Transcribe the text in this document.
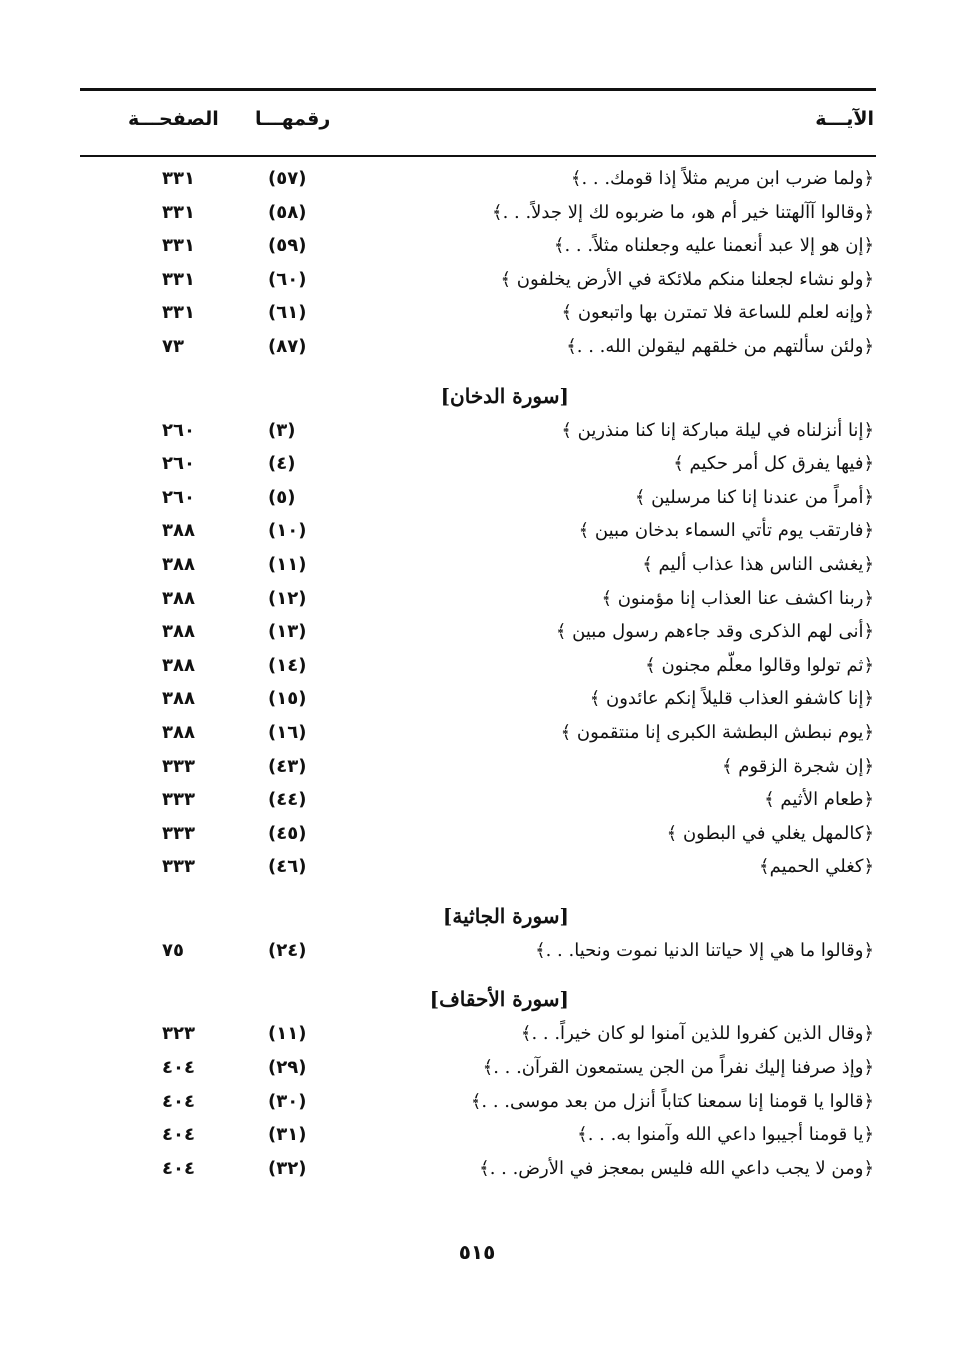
الآيـــة
رقمهـــا
الصفحـــة
﴿ولما ضرب ابن مريم مثلاً إذا قومك. . .﴾
(٥٧)
٣٣١
﴿وقالوا آآلهتنا خير أم هو، ما ضربوه لك إلا جدلاً. . .﴾
(٥٨)
٣٣١
﴿إن هو إلا عبد أنعمنا عليه وجعلناه مثلاً. . .﴾
(٥٩)
٣٣١
﴿ولو نشاء لجعلنا منكم ملائكة في الأرض يخلفون ﴾
(٦٠)
٣٣١
﴿وإنه لعلم للساعة فلا تمترن بها واتبعون ﴾
(٦١)
٣٣١
﴿ولئن سألتهم من خلقهم ليقولن الله. . .﴾
(٨٧)
٧٣
[سورة الدخان]
﴿إنا أنزلناه في ليلة مباركة إنا كنا منذرين ﴾
(٣)
٢٦٠
﴿فيها يفرق كل أمر حكيم ﴾
(٤)
٢٦٠
﴿أمراً من عندنا إنا كنا مرسلين ﴾
(٥)
٢٦٠
﴿فارتقب يوم تأتي السماء بدخان مبين ﴾
(١٠)
٣٨٨
﴿يغشى الناس هذا عذاب أليم ﴾
(١١)
٣٨٨
﴿ربنا اكشف عنا العذاب إنا مؤمنون ﴾
(١٢)
٣٨٨
﴿أنى لهم الذكرى وقد جاءهم رسول مبين ﴾
(١٣)
٣٨٨
﴿ثم تولوا وقالوا معلّم مجنون ﴾
(١٤)
٣٨٨
﴿إنا كاشفو العذاب قليلاً إنكم عائدون ﴾
(١٥)
٣٨٨
﴿يوم نبطش البطشة الكبرى إنا منتقمون ﴾
(١٦)
٣٨٨
﴿إن شجرة الزقوم ﴾
(٤٣)
٣٣٣
﴿طعام الأثيم ﴾
(٤٤)
٣٣٣
﴿كالمهل يغلي في البطون ﴾
(٤٥)
٣٣٣
﴿كغلي الحميم﴾
(٤٦)
٣٣٣
[سورة الجاثية]
﴿وقالوا ما هي إلا حياتنا الدنيا نموت ونحيا. . .﴾
(٢٤)
٧٥
[سورة الأحقاف]
﴿وقال الذين كفروا للذين آمنوا لو كان خيراً. . .﴾
(١١)
٣٢٣
﴿وإذ صرفنا إليك نفراً من الجن يستمعون القرآن. . .﴾
(٢٩)
٤٠٤
﴿قالوا يا قومنا إنا سمعنا كتاباً أنزل من بعد موسى. . .﴾
(٣٠)
٤٠٤
﴿يا قومنا أجيبوا داعي الله وآمنوا به. . .﴾
(٣١)
٤٠٤
﴿ومن لا يجب داعي الله فليس بمعجز في الأرض. . .﴾
(٣٢)
٤٠٤
٥١٥
